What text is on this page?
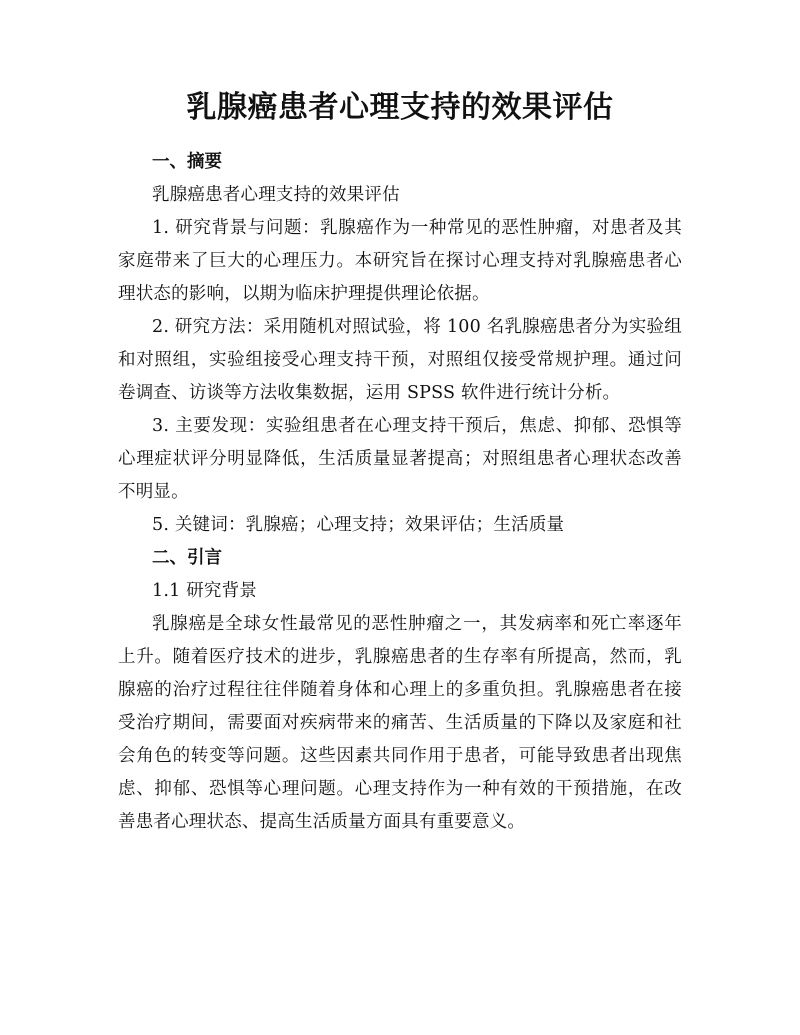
乳腺癌患者心理支持的效果评估

一、摘要

乳腺癌患者心理支持的效果评估

1. 研究背景与问题：乳腺癌作为一种常见的恶性肿瘤，对患者及其家庭带来了巨大的心理压力。本研究旨在探讨心理支持对乳腺癌患者心理状态的影响，以期为临床护理提供理论依据。

2. 研究方法：采用随机对照试验，将 100 名乳腺癌患者分为实验组和对照组，实验组接受心理支持干预，对照组仅接受常规护理。通过问卷调查、访谈等方法收集数据，运用 SPSS 软件进行统计分析。

3. 主要发现：实验组患者在心理支持干预后，焦虑、抑郁、恐惧等心理症状评分明显降低，生活质量显著提高；对照组患者心理状态改善不明显。

5. 关键词：乳腺癌；心理支持；效果评估；生活质量

二、引言

1.1 研究背景

乳腺癌是全球女性最常见的恶性肿瘤之一，其发病率和死亡率逐年上升。随着医疗技术的进步，乳腺癌患者的生存率有所提高，然而，乳腺癌的治疗过程往往伴随着身体和心理上的多重负担。乳腺癌患者在接受治疗期间，需要面对疾病带来的痛苦、生活质量的下降以及家庭和社会角色的转变等问题。这些因素共同作用于患者，可能导致患者出现焦虑、抑郁、恐惧等心理问题。心理支持作为一种有效的干预措施，在改善患者心理状态、提高生活质量方面具有重要意义。
